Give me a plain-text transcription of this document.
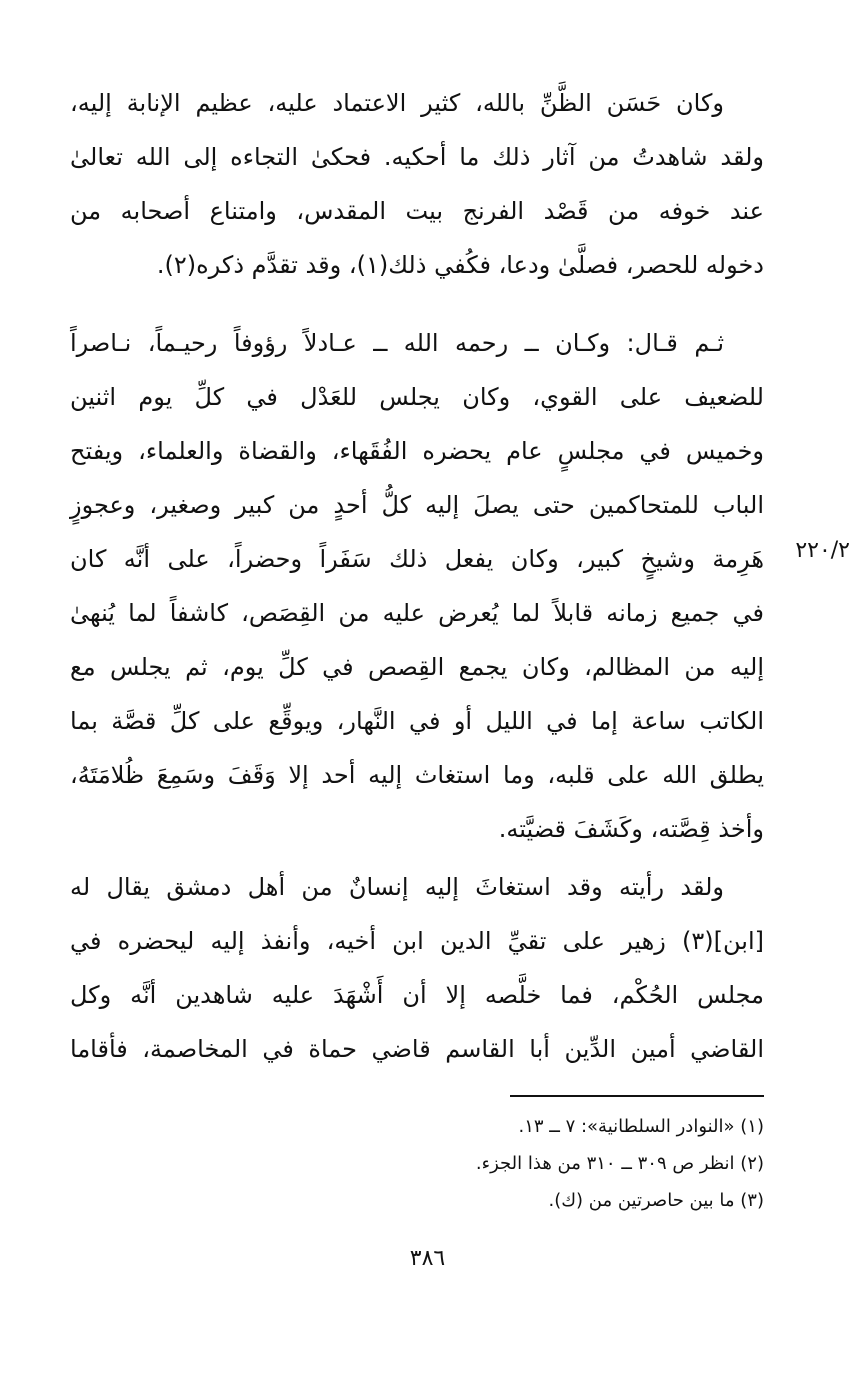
وكان حَسَن الظَّنِّ بالله، كثير الاعتماد عليه، عظيم الإنابة إليه،
ولقد شاهدتُ من آثار ذلك ما أحكيه. فحكىٰ التجاءه إلى الله تعالىٰ
عند خوفه من قَصْد الفرنج بيت المقدس، وامتناع أصحابه من
دخوله للحصر، فصلَّىٰ ودعا، فكُفي ذلك(١)، وقد تقدَّم ذكره(٢).
ثـم قـال: وكـان ــ رحمه الله ــ عـادلاً رؤوفاً رحيـماً، نـاصراً
للضعيف على القوي، وكان يجلس للعَدْل في كلِّ يوم اثنين
وخميس في مجلسٍ عام يحضره الفُقَهاء، والقضاة والعلماء، ويفتح
الباب للمتحاكمين حتى يصلَ إليه كلُّ أحدٍ من كبير وصغير، وعجوزٍ
هَرِمة وشيخٍ كبير، وكان يفعل ذلك سَفَراً وحضراً، على أنَّه كان
في جميع زمانه قابلاً لما يُعرض عليه من القِصَص، كاشفاً لما يُنهىٰ
إليه من المظالم، وكان يجمع القِصص في كلِّ يوم، ثم يجلس مع
الكاتب ساعة إما في الليل أو في النَّهار، ويوقِّع على كلِّ قصَّة بما
يطلق الله على قلبه، وما استغاث إليه أحد إلا وَقَفَ وسَمِعَ ظُلامَتَهُ،
وأخذ قِصَّته، وكَشَفَ قضيَّته.
٢٢٠/٢
ولقد رأيته وقد استغاثَ إليه إنسانٌ من أهل دمشق يقال له
[ابن](٣) زهير على تقيِّ الدين ابن أخيه، وأنفذ إليه ليحضره في
مجلس الحُكْم، فما خلَّصه إلا أن أَشْهَدَ عليه شاهدين أنَّه وكل
القاضي أمين الدِّين أبا القاسم قاضي حماة في المخاصمة، فأقاما
(١) «النوادر السلطانية»: ٧ ــ ١٣.
(٢) انظر ص ٣٠٩ ــ ٣١٠ من هذا الجزء.
(٣) ما بين حاصرتين من (ك).
٣٨٦
